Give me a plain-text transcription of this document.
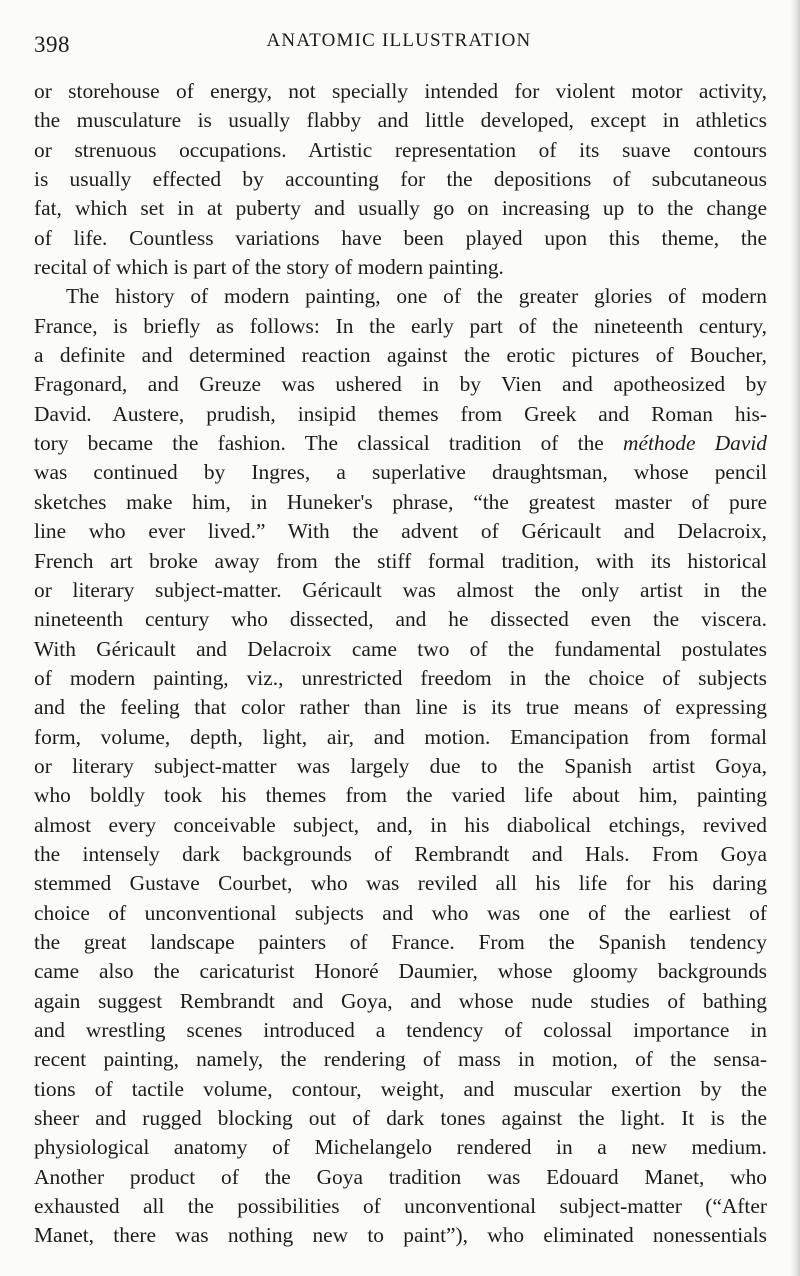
398	ANATOMIC ILLUSTRATION
or storehouse of energy, not specially intended for violent motor activity,
the musculature is usually flabby and little developed, except in athletics
or strenuous occupations. Artistic representation of its suave contours
is usually effected by accounting for the depositions of subcutaneous
fat, which set in at puberty and usually go on increasing up to the change
of life. Countless variations have been played upon this theme, the
recital of which is part of the story of modern painting.
The history of modern painting, one of the greater glories of modern
France, is briefly as follows: In the early part of the nineteenth century,
a definite and determined reaction against the erotic pictures of Boucher,
Fragonard, and Greuze was ushered in by Vien and apotheosized by
David. Austere, prudish, insipid themes from Greek and Roman his-
tory became the fashion. The classical tradition of the méthode David
was continued by Ingres, a superlative draughtsman, whose pencil
sketches make him, in Huneker's phrase, “the greatest master of pure
line who ever lived.” With the advent of Géricault and Delacroix,
French art broke away from the stiff formal tradition, with its historical
or literary subject-matter. Géricault was almost the only artist in the
nineteenth century who dissected, and he dissected even the viscera.
With Géricault and Delacroix came two of the fundamental postulates
of modern painting, viz., unrestricted freedom in the choice of subjects
and the feeling that color rather than line is its true means of expressing
form, volume, depth, light, air, and motion. Emancipation from formal
or literary subject-matter was largely due to the Spanish artist Goya,
who boldly took his themes from the varied life about him, painting
almost every conceivable subject, and, in his diabolical etchings, revived
the intensely dark backgrounds of Rembrandt and Hals. From Goya
stemmed Gustave Courbet, who was reviled all his life for his daring
choice of unconventional subjects and who was one of the earliest of
the great landscape painters of France. From the Spanish tendency
came also the caricaturist Honoré Daumier, whose gloomy backgrounds
again suggest Rembrandt and Goya, and whose nude studies of bathing
and wrestling scenes introduced a tendency of colossal importance in
recent painting, namely, the rendering of mass in motion, of the sensa-
tions of tactile volume, contour, weight, and muscular exertion by the
sheer and rugged blocking out of dark tones against the light. It is the
physiological anatomy of Michelangelo rendered in a new medium.
Another product of the Goya tradition was Edouard Manet, who
exhausted all the possibilities of unconventional subject-matter (“After
Manet, there was nothing new to paint”), who eliminated nonessentials
